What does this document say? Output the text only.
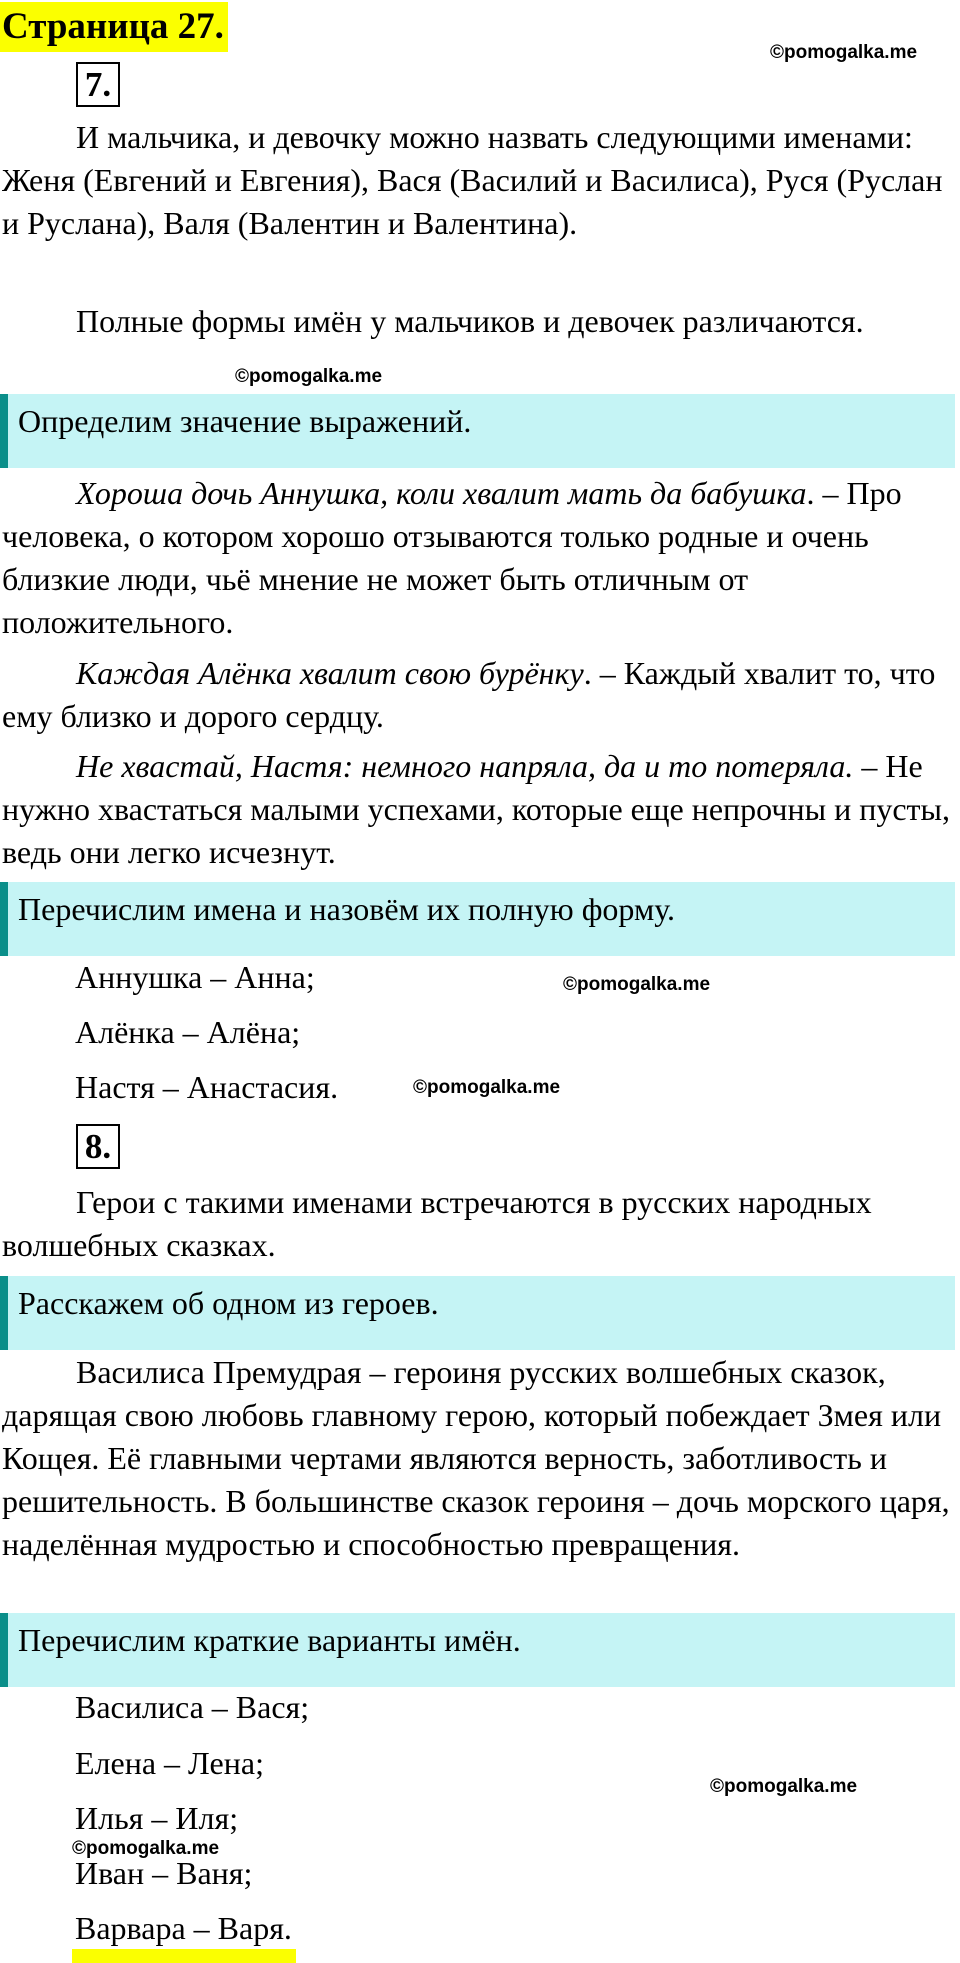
Страница 27.
©pomogalka.me
7.

И мальчика, и девочку можно назвать следующими именами: Женя (Евгений и Евгения), Вася (Василий и Василиса), Руся (Руслан и Руслана), Валя (Валентин и Валентина).

Полные формы имён у мальчиков и девочек различаются.

©pomogalka.me
Определим значение выражений.

Хороша дочь Аннушка, коли хвалит мать да бабушка. – Про человека, о котором хорошо отзываются только родные и очень близкие люди, чьё мнение не может быть отличным от положительного.

Каждая Алёнка хвалит свою бурёнку. – Каждый хвалит то, что ему близко и дорого сердцу.

Не хвастай, Настя: немного напряла, да и то потеряла. – Не нужно хвастаться малыми успехами, которые еще непрочны и пусты, ведь они легко исчезнут.

Перечислим имена и назовём их полную форму.
Аннушка – Анна;	©pomogalka.me
Алёнка – Алёна;
Настя – Анастасия.	©pomogalka.me
8.

Герои с такими именами встречаются в русских народных волшебных сказках.

Расскажем об одном из героев.

Василиса Премудрая – героиня русских волшебных сказок, дарящая свою любовь главному герою, который побеждает Змея или Кощея. Её главными чертами являются верность, заботливость и решительность. В большинстве сказок героиня – дочь морского царя, наделённая мудростью и способностью превращения.

Перечислим краткие варианты имён.
Василиса – Вася;
Елена – Лена;
©pomogalka.me
Илья – Иля;
©pomogalka.me
Иван – Ваня;
Варвара – Варя.
